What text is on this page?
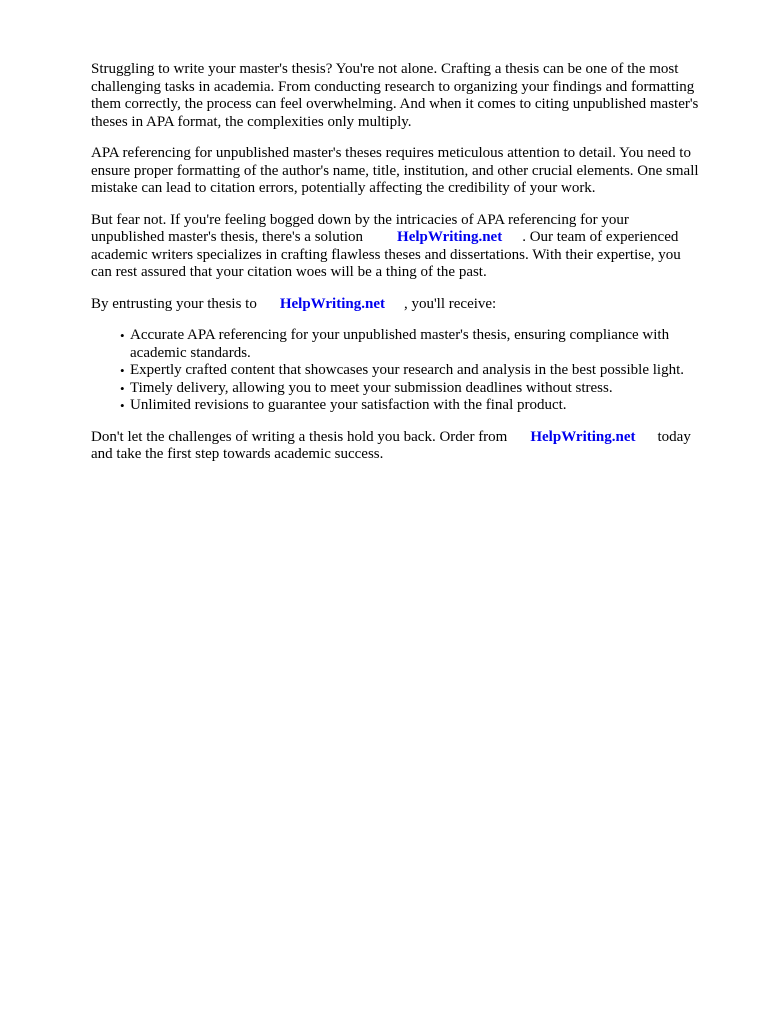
Struggling to write your master's thesis? You're not alone. Crafting a thesis can be one of the most
challenging tasks in academia. From conducting research to organizing your findings and formatting
them correctly, the process can feel overwhelming. And when it comes to citing unpublished master's
theses in APA format, the complexities only multiply.

APA referencing for unpublished master's theses requires meticulous attention to detail. You need to
ensure proper formatting of the author's name, title, institution, and other crucial elements. One small
mistake can lead to citation errors, potentially affecting the credibility of your work.

But fear not. If you're feeling bogged down by the intricacies of APA referencing for your
unpublished master's thesis, there's a solution HelpWriting.net . Our team of experienced
academic writers specializes in crafting flawless theses and dissertations. With their expertise, you
can rest assured that your citation woes will be a thing of the past.

By entrusting your thesis to HelpWriting.net , you'll receive:

• Accurate APA referencing for your unpublished master's thesis, ensuring compliance with
academic standards.
• Expertly crafted content that showcases your research and analysis in the best possible light.
• Timely delivery, allowing you to meet your submission deadlines without stress.
• Unlimited revisions to guarantee your satisfaction with the final product.

Don't let the challenges of writing a thesis hold you back. Order from HelpWriting.net today
and take the first step towards academic success.
